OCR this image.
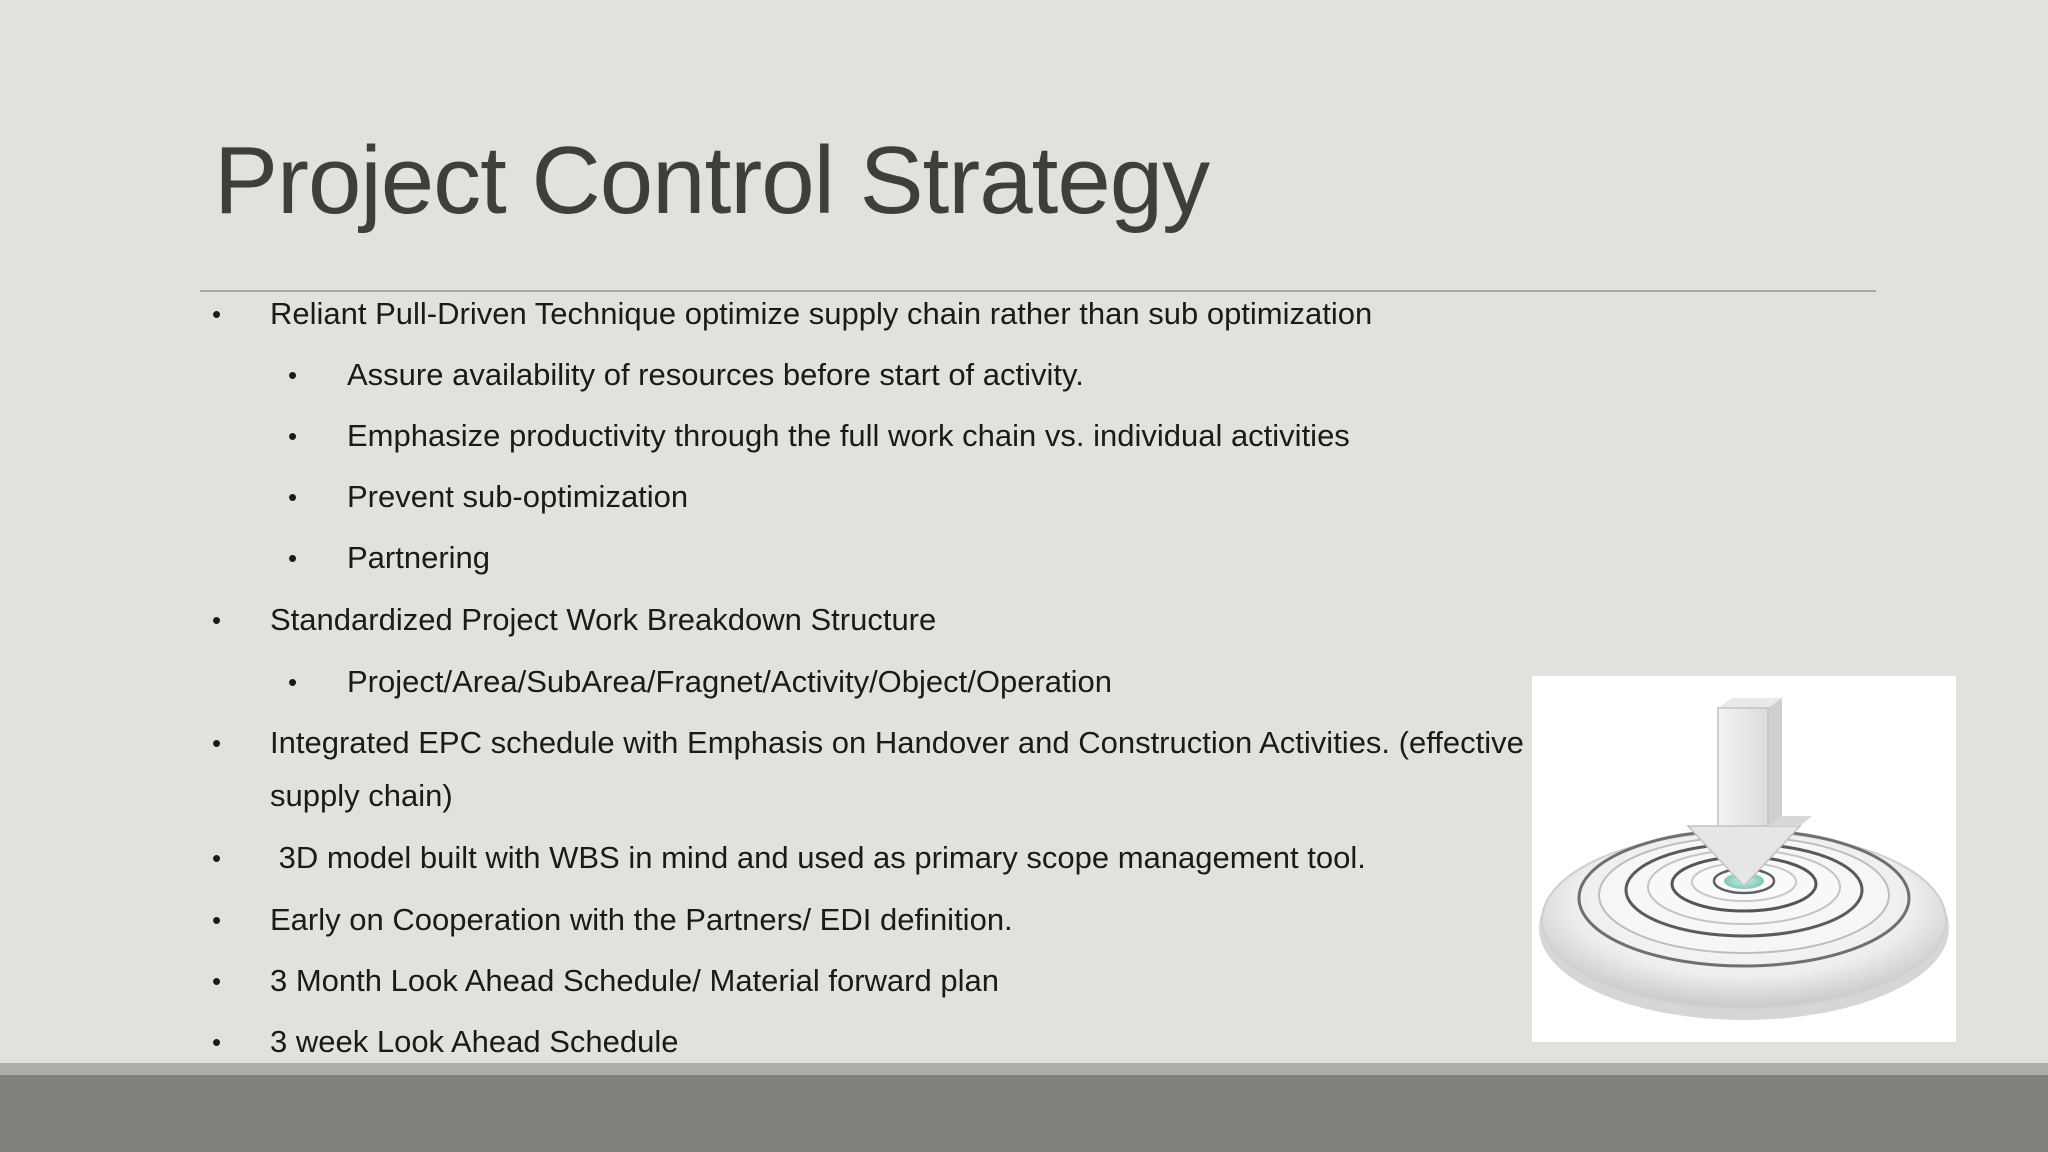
Project Control Strategy
• Reliant Pull-Driven Technique optimize supply chain rather than sub optimization
• Assure availability of resources before start of activity.
• Emphasize productivity through the full work chain vs. individual activities
• Prevent sub-optimization
• Partnering
• Standardized Project Work Breakdown Structure
• Project/Area/SubArea/Fragnet/Activity/Object/Operation
• Integrated EPC schedule with Emphasis on Handover and Construction Activities. (effective
supply chain)
• 3D model built with WBS in mind and used as primary scope management tool.
• Early on Cooperation with the Partners/ EDI definition.
• 3 Month Look Ahead Schedule/ Material forward plan
• 3 week Look Ahead Schedule
